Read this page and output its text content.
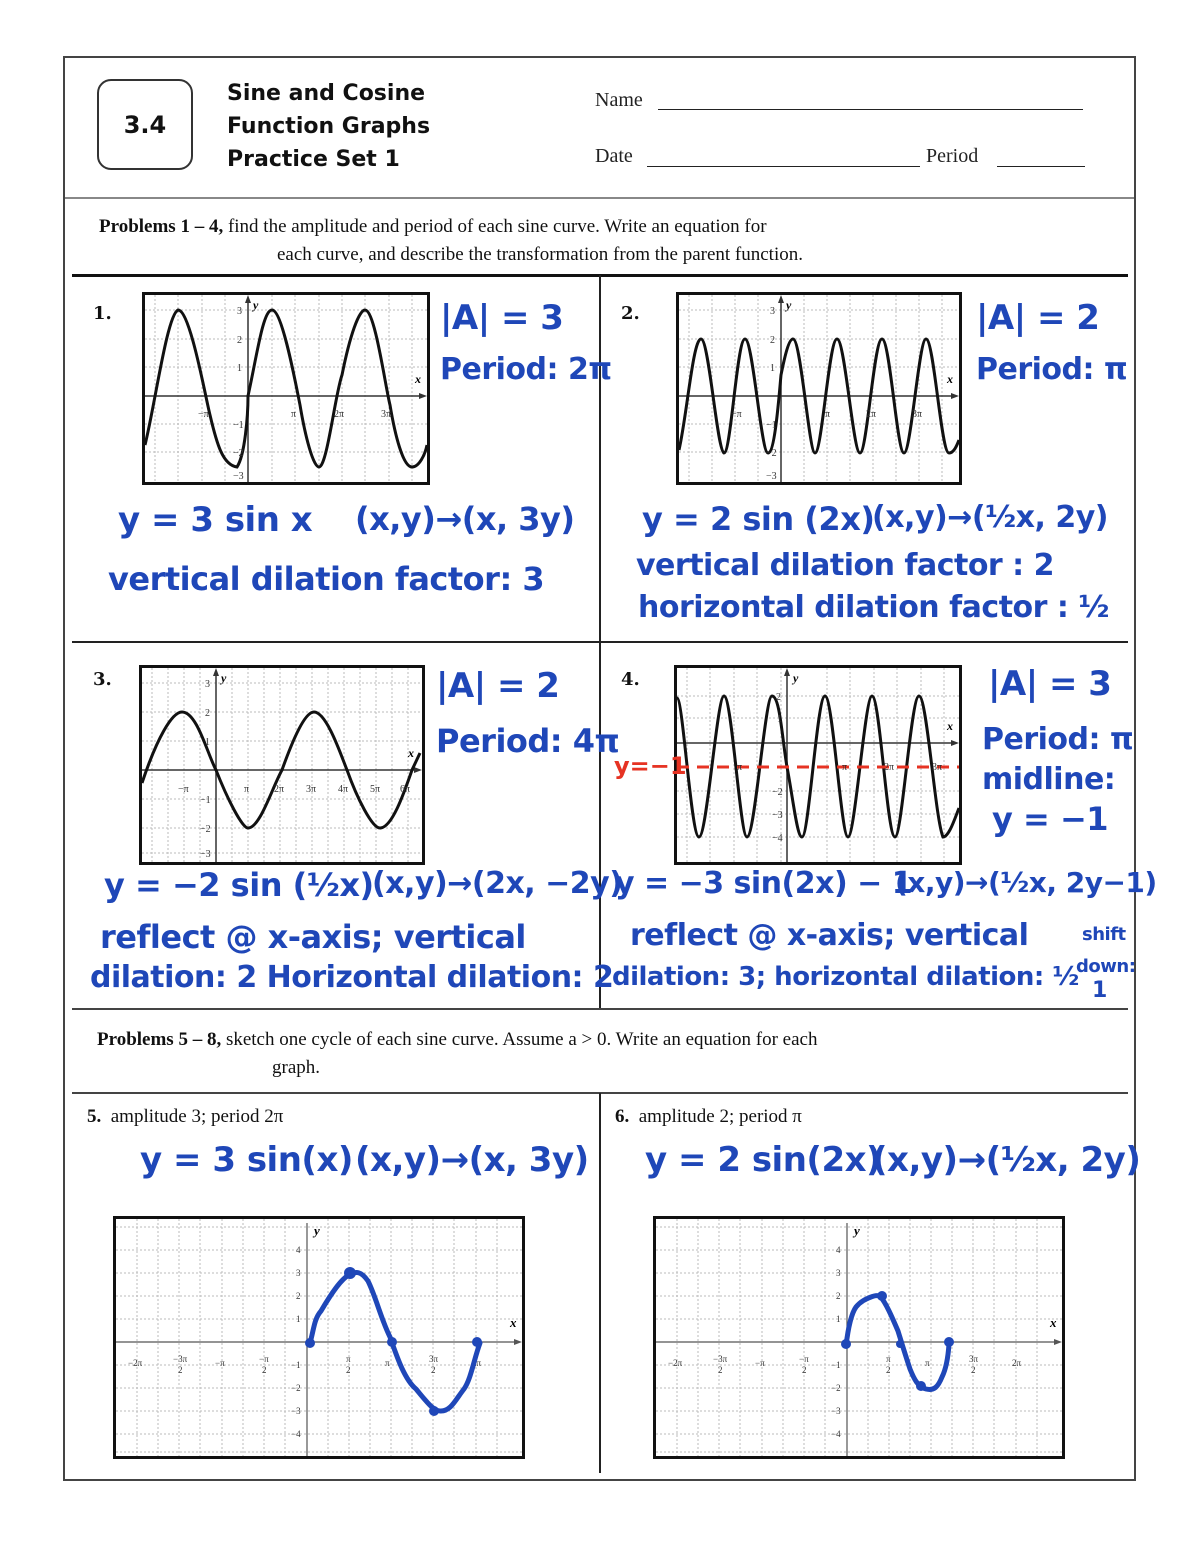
3.4
Sine and Cosine
Function Graphs
Practice Set 1
Name
Date	Period
Problems 1 – 4, find the amplitude and period of each sine curve. Write an equation for
each curve, and describe the transformation from the parent function.
1.
−π	π	2π	3π
3
2
1
−1
−2
−3
y
x
|A| = 3
Period: 2π
y = 3 sin x (x,y)→(x, 3y)
vertical dilation factor: 3
2.
−π	π	2π	3π
3
2
1
−1
−2
−3
y
x
|A| = 2
Period: π
y = 2 sin (2x)
(x,y)→(½x, 2y)
vertical dilation factor : 2
horizontal dilation factor : ½
3.
−π	π 2π 3π 4π 5π 6π
3
2
1
−1
−2
−3
y
x
|A| = 2
Period: 4π
y = −2 sin (½x)
(x,y)→(2x, −2y)
reflect @ x-axis; vertical
dilation: 2 Horizontal dilation: 2
4.
π	π	2π	3π
2
1
−2
−3
−4
y
x
y=−1
|A| = 3
Period: π
midline:
y = −1
y = −3 sin(2x) − 1
(x,y)→(½x, 2y−1)
reflect @ x-axis; vertical
dilation: 3; horizontal dilation: ½
shift
down:
1
Problems 5 – 8, sketch one cycle of each sine curve. Assume a > 0. Write an equation for each
graph.
5. amplitude 3; period 2π
y = 3 sin(x) (x,y)→(x, 3y)
−2π	−3π
2
−π	−π
2
π
2
π	3π
2
2π
4
3
2
1
−1
−2
−3
−4
y
x
6. amplitude 2; period π
y = 2 sin(2x)
(x,y)→(½x, 2y)
−2π	−3π
2
−π	−π
2
π
2
π	3π
2
2π
4
3
2
1
−1
−2
−3
−4
y
x
